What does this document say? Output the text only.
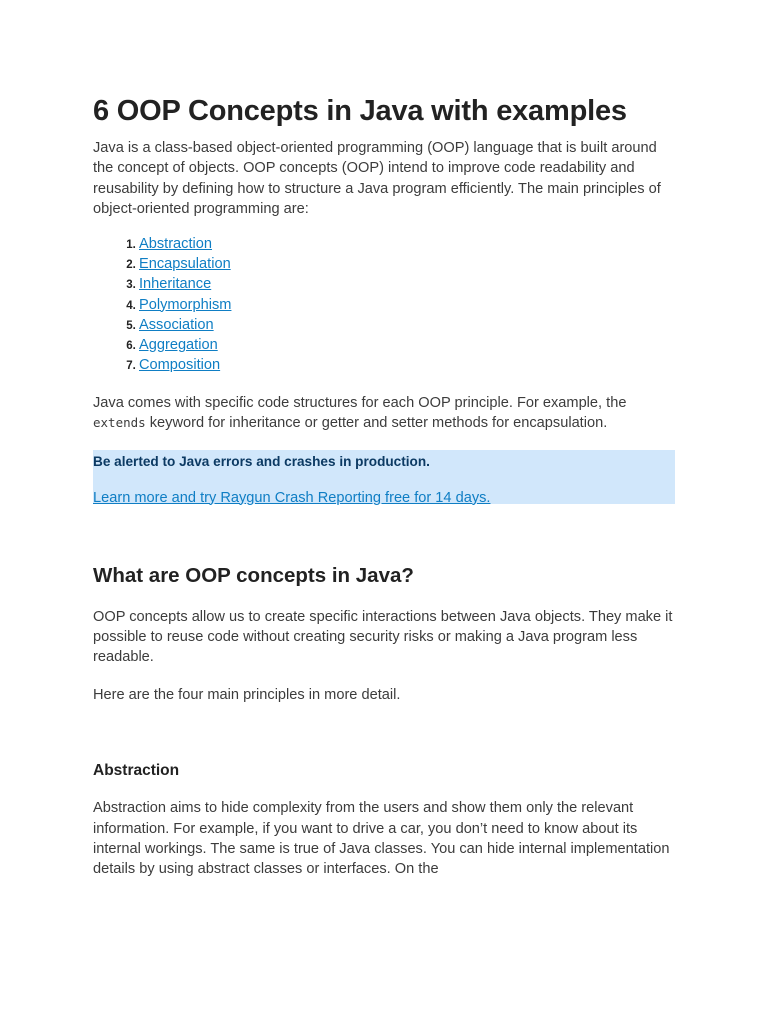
6 OOP Concepts in Java with examples

Java is a class-based object-oriented programming (OOP) language that is built around the concept of objects. OOP concepts (OOP) intend to improve code readability and reusability by defining how to structure a Java program efficiently. The main principles of object-oriented programming are:

1. Abstraction
2. Encapsulation
3. Inheritance
4. Polymorphism
5. Association
6. Aggregation
7. Composition

Java comes with specific code structures for each OOP principle. For example, the extends keyword for inheritance or getter and setter methods for encapsulation.

Be alerted to Java errors and crashes in production.
Learn more and try Raygun Crash Reporting free for 14 days.
What are OOP concepts in Java?

OOP concepts allow us to create specific interactions between Java objects. They make it possible to reuse code without creating security risks or making a Java program less readable.

Here are the four main principles in more detail.

Abstraction

Abstraction aims to hide complexity from the users and show them only the relevant information. For example, if you want to drive a car, you don’t need to know about its internal workings. The same is true of Java classes. You can hide internal implementation details by using abstract classes or interfaces. On the
